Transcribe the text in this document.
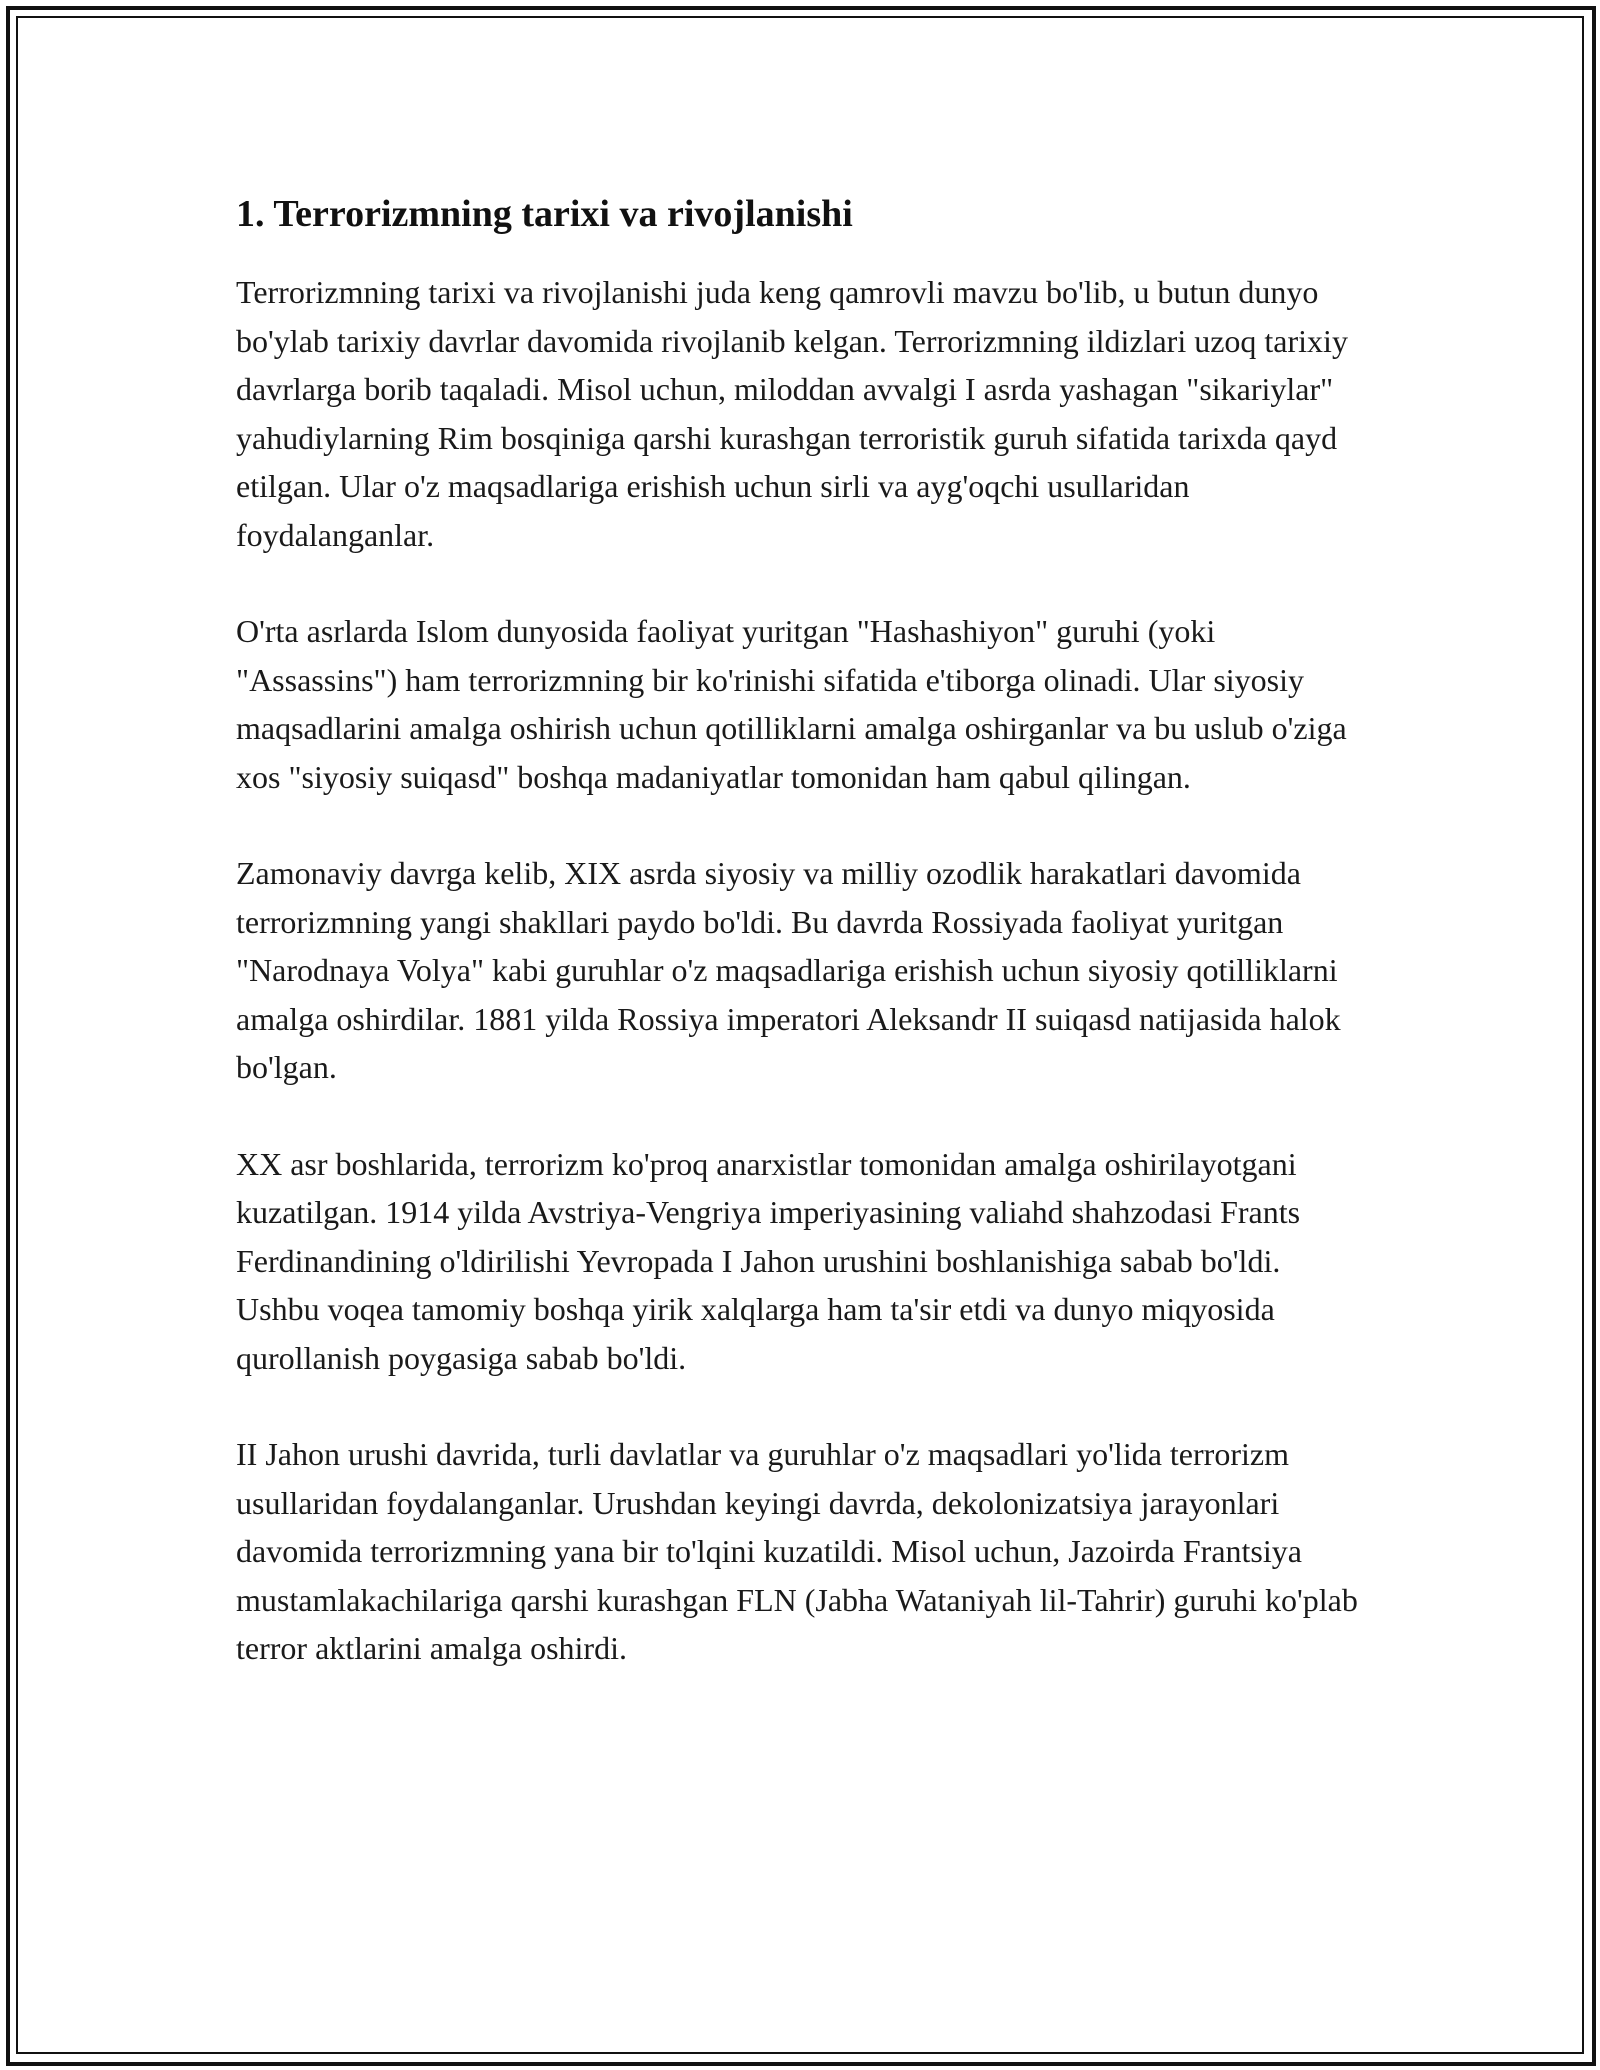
1. Terrorizmning tarixi va rivojlanishi

Terrorizmning tarixi va rivojlanishi juda keng qamrovli mavzu bo'lib, u butun dunyo bo'ylab tarixiy davrlar davomida rivojlanib kelgan. Terrorizmning ildizlari uzoq tarixiy davrlarga borib taqaladi. Misol uchun, miloddan avvalgi I asrda yashagan "sikariylar" yahudiylarning Rim bosqiniga qarshi kurashgan terroristik guruh sifatida tarixda qayd etilgan. Ular o'z maqsadlariga erishish uchun sirli va ayg'oqchi usullaridan foydalanganlar.

O'rta asrlarda Islom dunyosida faoliyat yuritgan "Hashashiyon" guruhi (yoki "Assassins") ham terrorizmning bir ko'rinishi sifatida e'tiborga olinadi. Ular siyosiy maqsadlarini amalga oshirish uchun qotilliklarni amalga oshirganlar va bu uslub o'ziga xos "siyosiy suiqasd" boshqa madaniyatlar tomonidan ham qabul qilingan.

Zamonaviy davrga kelib, XIX asrda siyosiy va milliy ozodlik harakatlari davomida terrorizmning yangi shakllari paydo bo'ldi. Bu davrda Rossiyada faoliyat yuritgan "Narodnaya Volya" kabi guruhlar o'z maqsadlariga erishish uchun siyosiy qotilliklarni amalga oshirdilar. 1881 yilda Rossiya imperatori Aleksandr II suiqasd natijasida halok bo'lgan.

XX asr boshlarida, terrorizm ko'proq anarxistlar tomonidan amalga oshirilayotgani kuzatilgan. 1914 yilda Avstriya-Vengriya imperiyasining valiahd shahzodasi Frants Ferdinandining o'ldirilishi Yevropada I Jahon urushini boshlanishiga sabab bo'ldi. Ushbu voqea tamomiy boshqa yirik xalqlarga ham ta'sir etdi va dunyo miqyosida qurollanish poygasiga sabab bo'ldi.

II Jahon urushi davrida, turli davlatlar va guruhlar o'z maqsadlari yo'lida terrorizm usullaridan foydalanganlar. Urushdan keyingi davrda, dekolonizatsiya jarayonlari davomida terrorizmning yana bir to'lqini kuzatildi. Misol uchun, Jazoirda Frantsiya mustamlakachilariga qarshi kurashgan FLN (Jabha Wataniyah lil-Tahrir) guruhi ko'plab terror aktlarini amalga oshirdi.
